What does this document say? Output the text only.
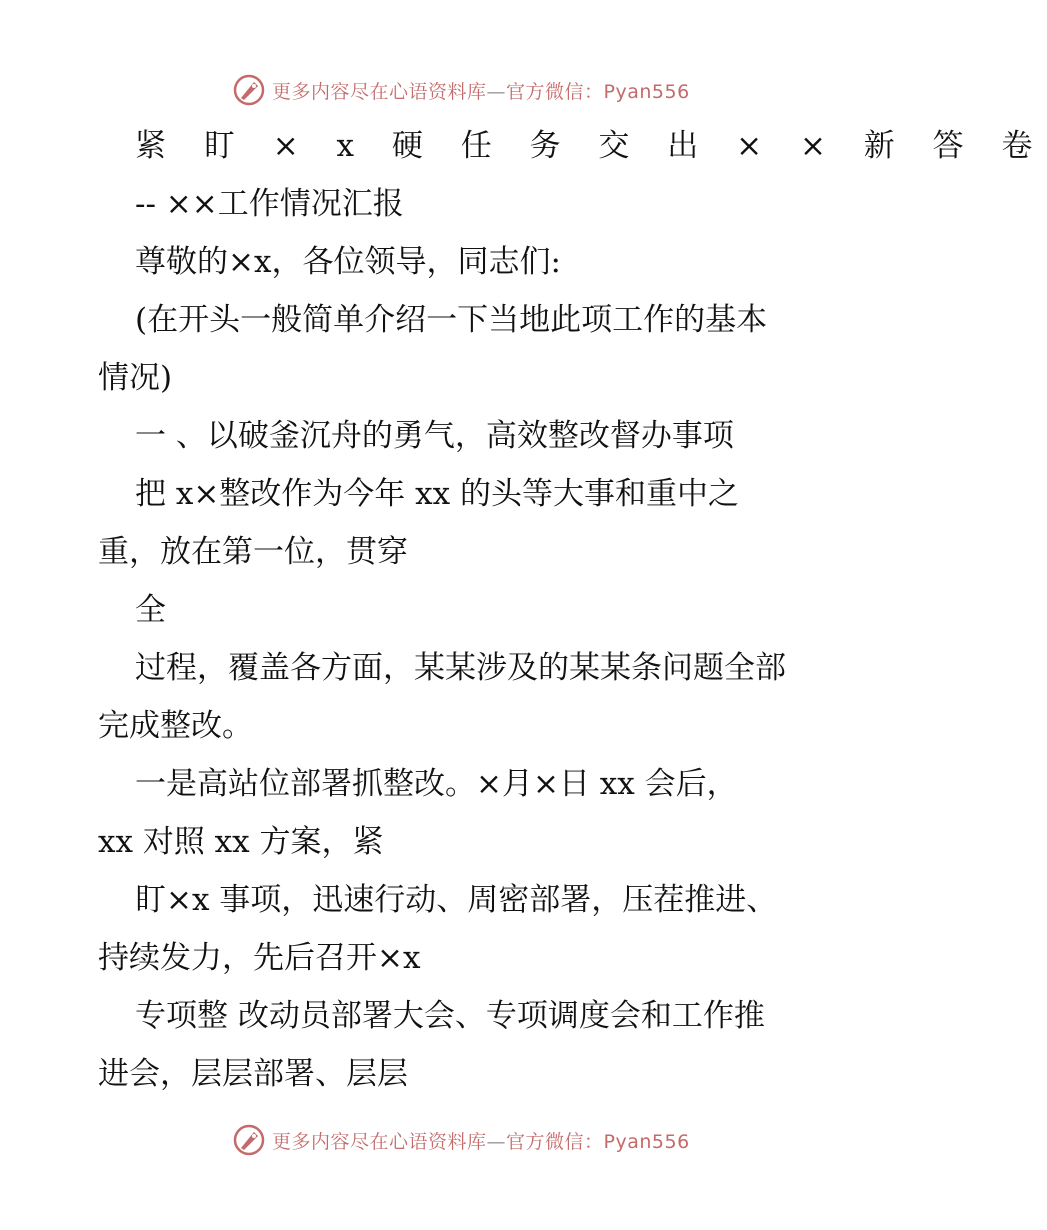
更多内容尽在心语资料库—官方微信：Pyan556
紧 盯 × x 硬 任 务 交 出 × × 新 答 卷
-- ××工作情况汇报
尊敬的×x，各位领导，同志们:
(在开头一般简单介绍一下当地此项工作的基本
情况)
一 、以破釜沉舟的勇气，高效整改督办事项
把 x×整改作为今年 xx 的头等大事和重中之
重，放在第一位，贯穿
全
过程，覆盖各方面，某某涉及的某某条问题全部
完成整改。
一是高站位部署抓整改。×月×日 xx 会后，
xx 对照 xx 方案，紧
盯×x 事项，迅速行动、周密部署，压茬推进、
持续发力，先后召开×x
专项整 改动员部署大会、专项调度会和工作推
进会，层层部署、层层
更多内容尽在心语资料库—官方微信：Pyan556
